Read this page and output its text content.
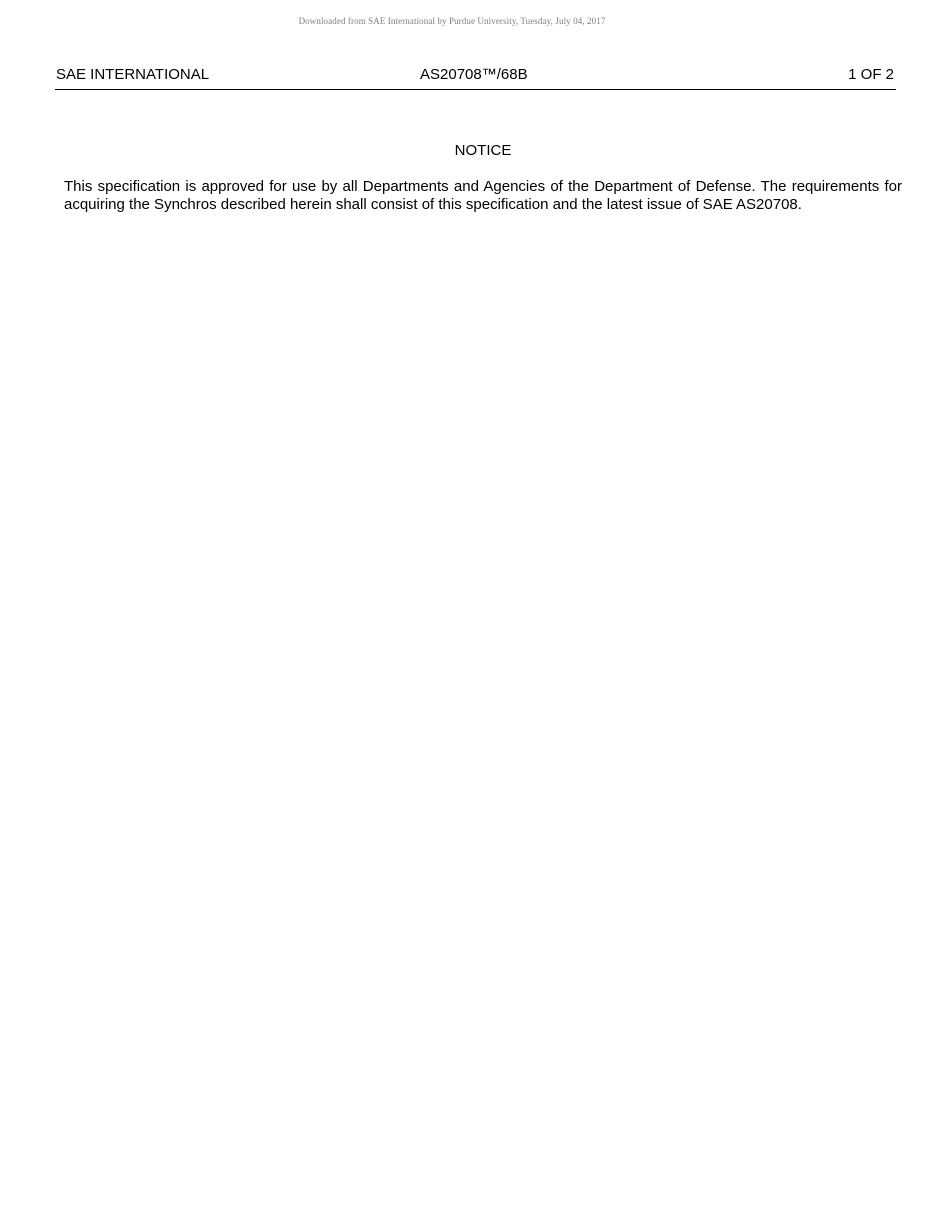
Downloaded from SAE International by Purdue University, Tuesday, July 04, 2017
SAE INTERNATIONAL	AS20708™/68B	1 OF 2
NOTICE
This specification is approved for use by all Departments and Agencies of the Department of Defense. The requirements for acquiring the Synchros described herein shall consist of this specification and the latest issue of SAE AS20708.
